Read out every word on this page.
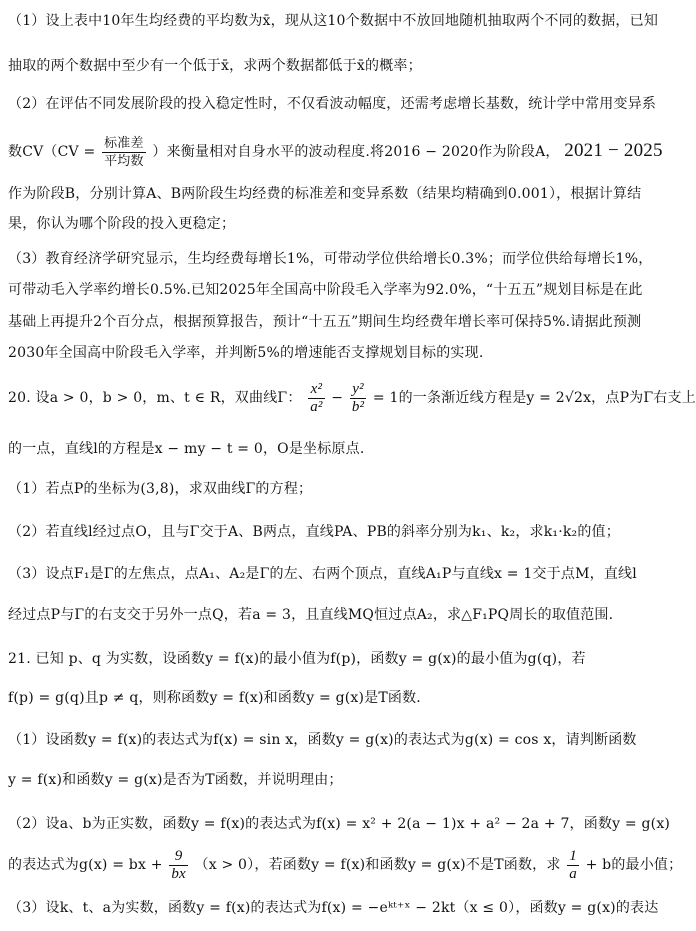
（1）设上表中10年生均经费的平均数为x̄，现从这10个数据中不放回地随机抽取两个不同的数据，已知
抽取的两个数据中至少有一个低于x̄，求两个数据都低于x̄的概率；
（2）在评估不同发展阶段的投入稳定性时，不仅看波动幅度，还需考虑增长基数，统计学中常用变异系
数$CV(CV = \frac{\text{标准差}}{\text{平均数}}$ ）来衡量相对自身水平的波动程度.将2016 − 2020作为阶段A， 2021 − 2025
作为阶段B，分别计算A、B两阶段生均经费的标准差和变异系数（结果均精确到0.001），根据计算结
果，你认为哪个阶段的投入更稳定；
（3）教育经济学研究显示，生均经费每增长1%，可带动学位供给增长0.3%；而学位供给每增长1%，
可带动毛入学率约增长0.5%.已知2025年全国高中阶段毛入学率为92.0%，“十五五”规划目标是在此
基础上再提升2个百分点，根据预算报告，预计“十五五”期间生均经费年增长率可保持5%.请据此预测
2030年全国高中阶段毛入学率，并判断5%的增速能否支撑规划目标的实现.
20. 设a > 0，b > 0，m、t ∈ R，双曲线Γ： $\frac{\text{x²}}{\text{a²}} - \frac{\text{y²}}{\text{b²}} = 1$的一条渐近线方程是y = 2√2x，点P为Γ右支上
的一点，直线l的方程是x − my − t = 0，O是坐标原点.
（1）若点P的坐标为(3,8)，求双曲线Γ的方程；
（2）若直线l经过点O，且与Γ交于A、B两点，直线PA、PB的斜率分别为k₁、k₂，求k₁·k₂的值；
（3）设点F₁是Γ的左焦点，点A₁、A₂是Γ的左、右两个顶点，直线A₁P与直线x = 1交于点M，直线l
经过点P与Γ的右支交于另外一点Q，若a = 3，且直线MQ恒过点A₂，求△F₁PQ周长的取值范围.
21. 已知 p、q 为实数，设函数y = f(x)的最小值为f(p)，函数y = g(x)的最小值为g(q)，若
f(p) = g(q)且p ≠ q，则称函数y = f(x)和函数y = g(x)是T函数.
（1）设函数y = f(x)的表达式为f(x) = sin x，函数y = g(x)的表达式为g(x) = cos x，请判断函数
y = f(x)和函数y = g(x)是否为T函数，并说明理由；
（2）设a、b为正实数，函数y = f(x)的表达式为f(x) = x² + 2(a − 1)x + a² − 2a + 7，函数y = g(x)
的表达式为g(x) = bx + $\frac{9}{bx} (x > 0)$，若函数y = f(x)和函数y = g(x)不是T函数，求 $\frac{1}{a} + b$的最小值；
（3）设k、t、a为实数，函数y = f(x)的表达式为f(x) = −eᵏᵗ⁺ˣ − 2kt（x ≤ 0），函数y = g(x)的表达
